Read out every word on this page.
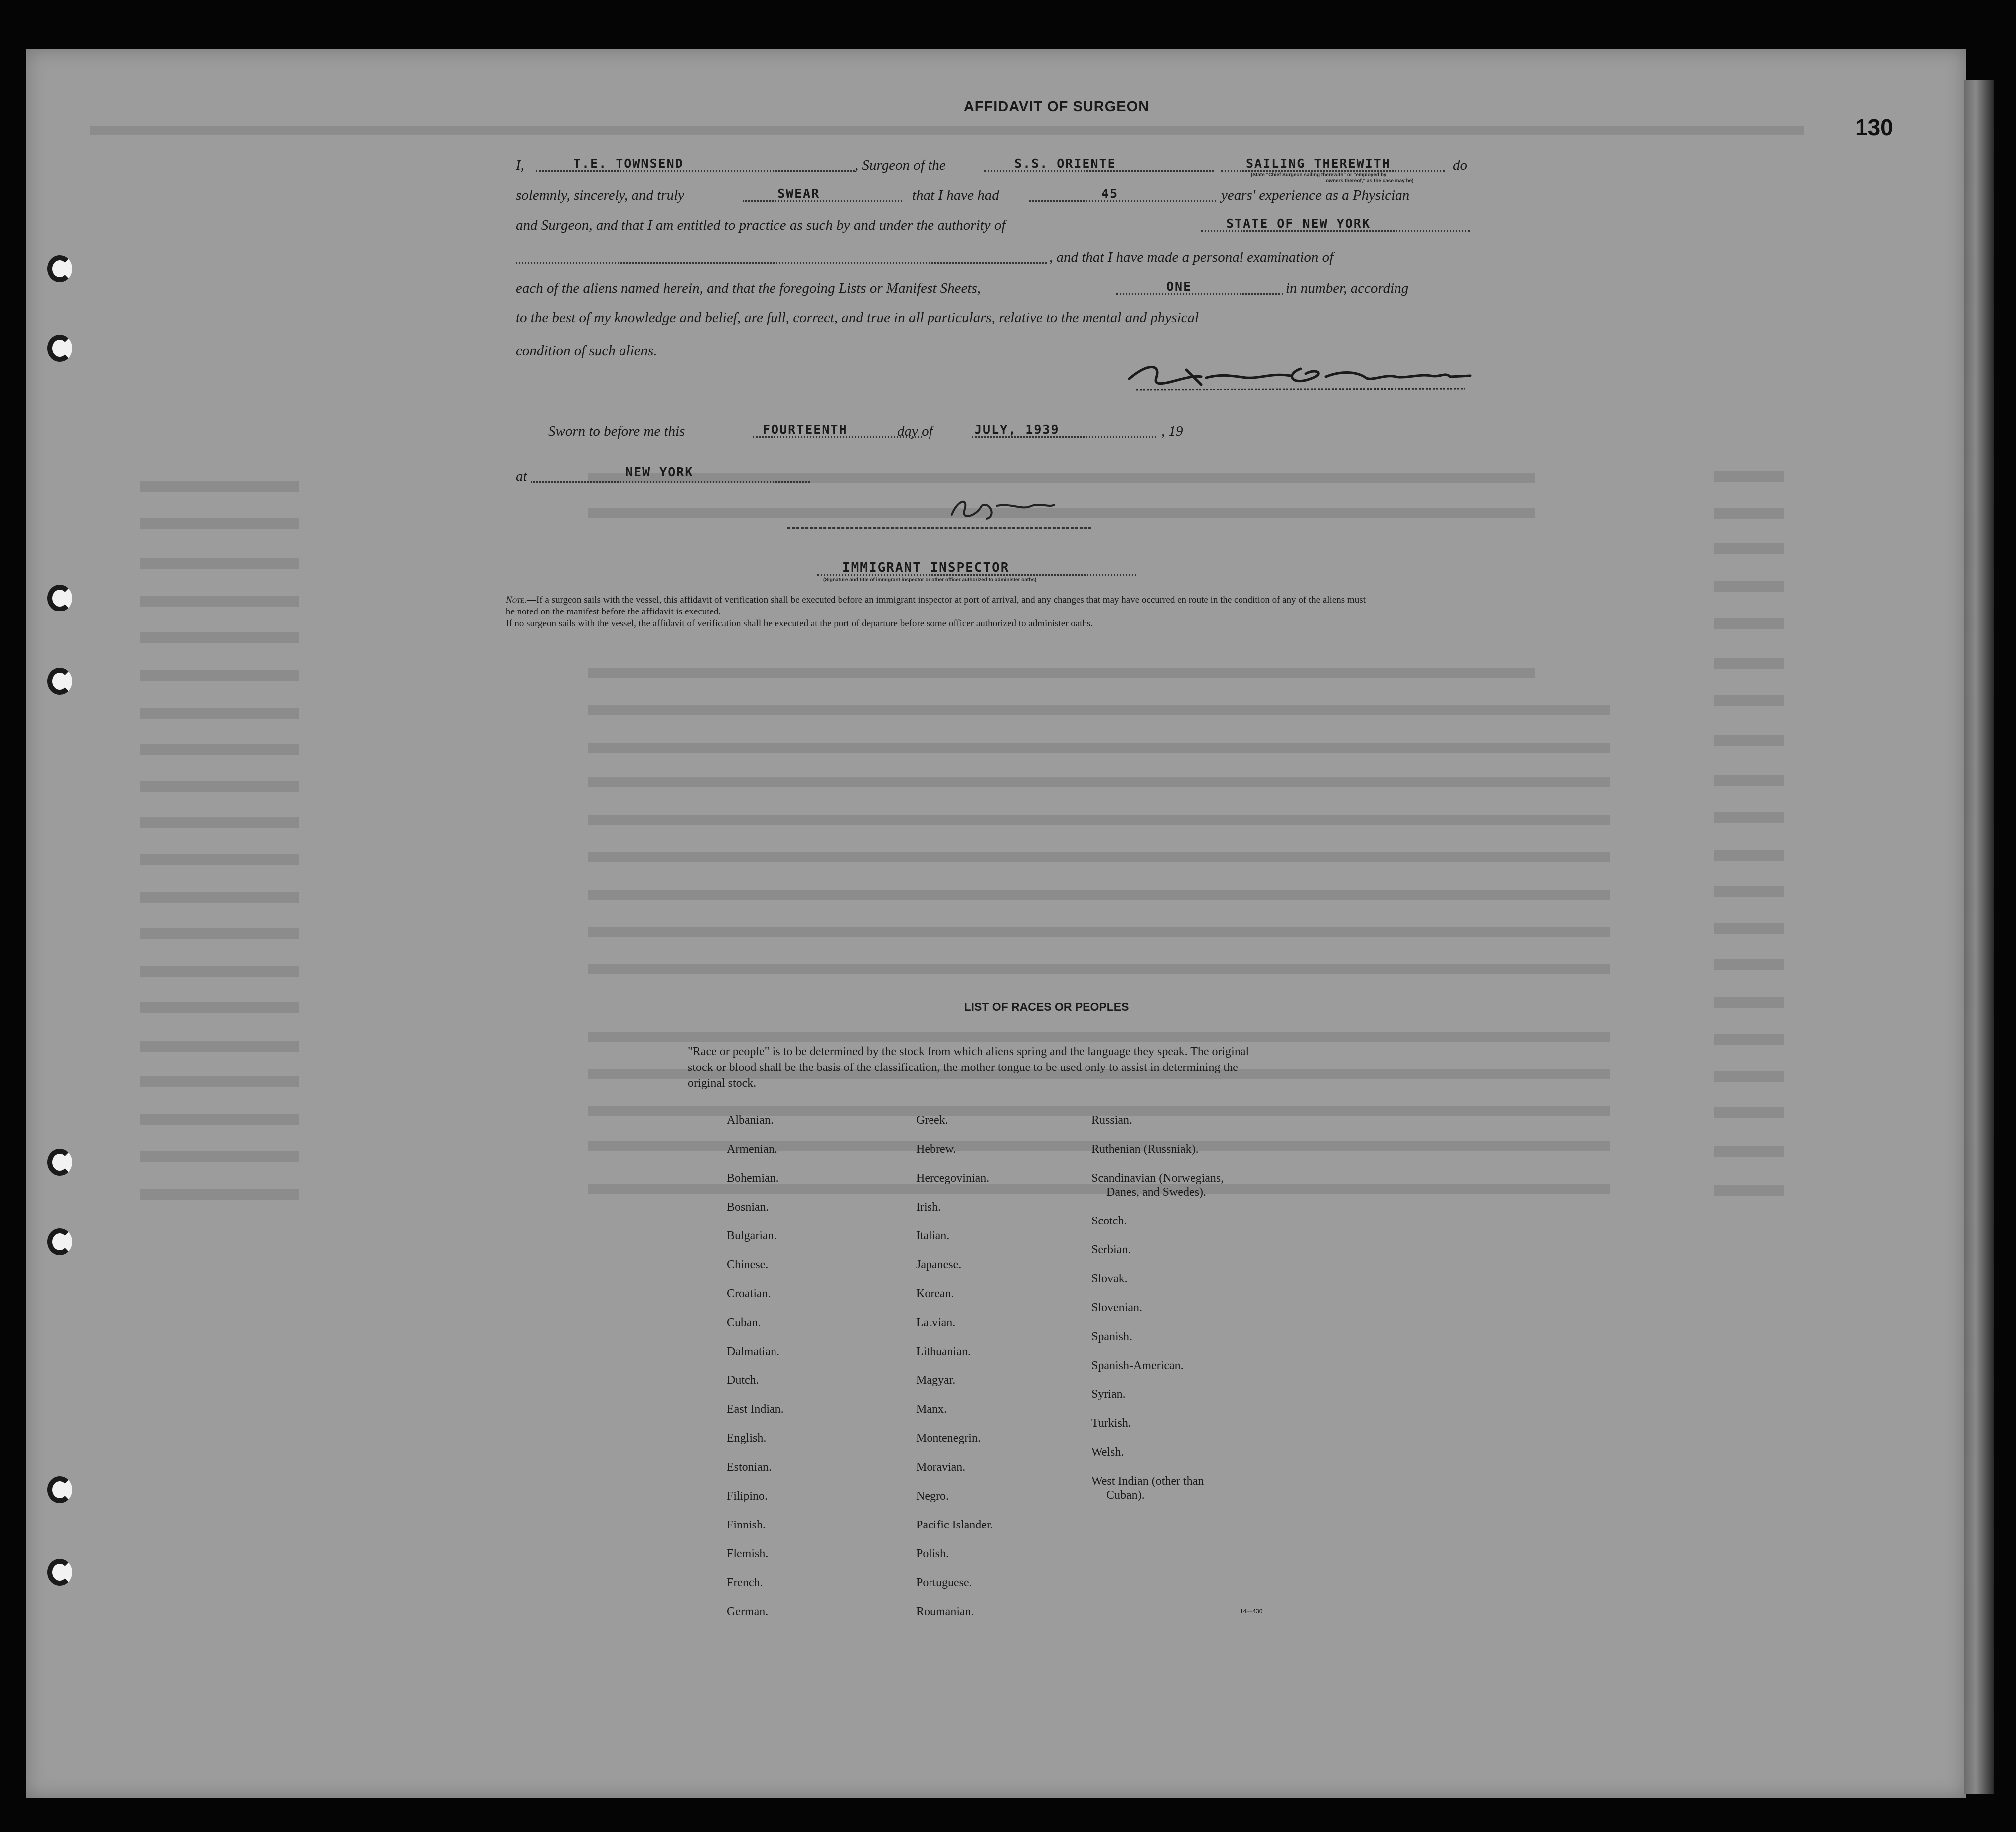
130
AFFIDAVIT OF SURGEON
I,	T.E. TOWNSEND	, Surgeon of the	S.S. ORIENTE	SAILING THEREWITH
(State "Chief Surgeon sailing therewith" or "employed by
owners thereof," as the case may be)
do
solemnly, sincerely, and truly	SWEAR	that I have had	45	years' experience as a Physician
and Surgeon, and that I am entitled to practice as such by and under the authority of	STATE OF NEW YORK
, and that I have made a personal examination of
each of the aliens named herein, and that the foregoing Lists or Manifest Sheets,	ONE	in number, according
to the best of my knowledge and belief, are full, correct, and true in all particulars, relative to the mental and physical
condition of such aliens.
Sworn to before me this	FOURTEENTH	day of	JULY, 1939	, 19
at	NEW YORK
IMMIGRANT INSPECTOR
(Signature and title of immigrant inspector or other officer authorized to administer oaths)
Note.—If a surgeon sails with the vessel, this affidavit of verification shall be executed before an immigrant inspector at port of arrival, and any changes that may have occurred en route in the condition of any of the aliens must be noted on the manifest before the affidavit is executed.
If no surgeon sails with the vessel, the affidavit of verification shall be executed at the port of departure before some officer authorized to administer oaths.
LIST OF RACES OR PEOPLES
"Race or people" is to be determined by the stock from which aliens spring and the language they speak. The original stock or blood shall be the basis of the classification, the mother tongue to be used only to assist in determining the original stock.
Albanian.
Armenian.
Bohemian.
Bosnian.
Bulgarian.
Chinese.
Croatian.
Cuban.
Dalmatian.
Dutch.
East Indian.
English.
Estonian.
Filipino.
Finnish.
Flemish.
French.
German.
Greek.
Hebrew.
Hercegovinian.
Irish.
Italian.
Japanese.
Korean.
Latvian.
Lithuanian.
Magyar.
Manx.
Montenegrin.
Moravian.
Negro.
Pacific Islander.
Polish.
Portuguese.
Roumanian.
Russian.
Ruthenian (Russniak).
Scandinavian (Norwegians,
Danes, and Swedes).
Scotch.
Serbian.
Slovak.
Slovenian.
Spanish.
Spanish-American.
Syrian.
Turkish.
Welsh.
West Indian (other than
Cuban).
14—430
